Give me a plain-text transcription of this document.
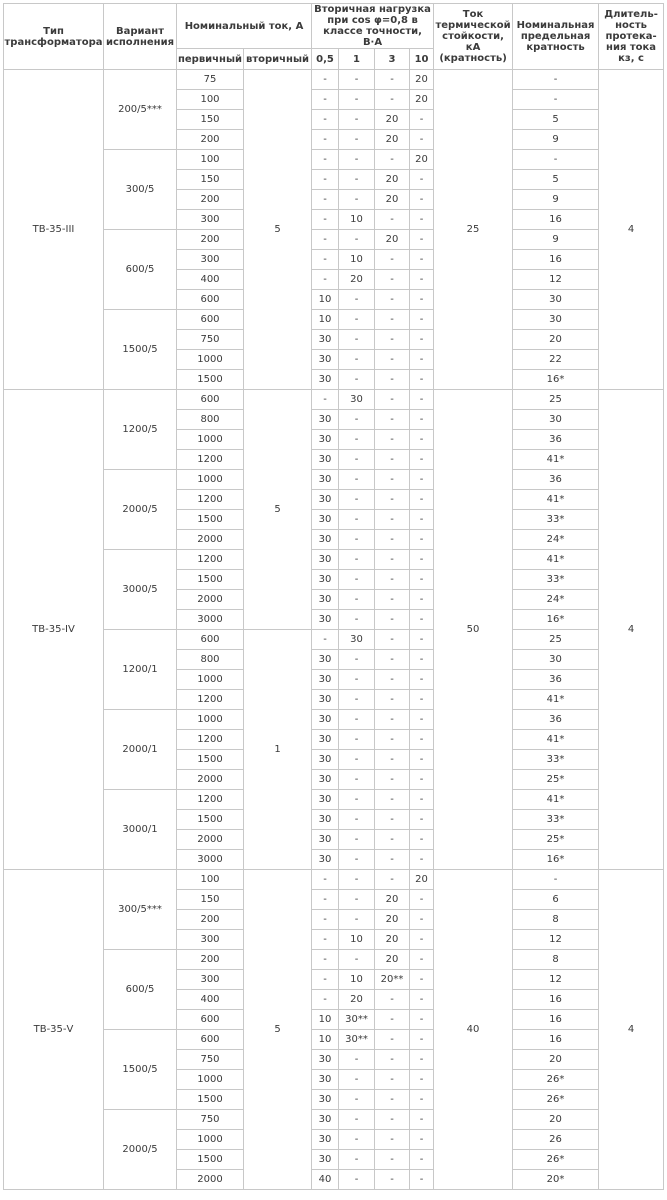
Тип трансформатора	Вариант исполнения	Номинальный ток, А		Вторичная нагрузка при cos φ=0,8 в классе точности, В·А				Ток термической стойкости, кА (кратность)	Номинальная предельная кратность	Длитель-ность протека-ния тока кз, с
		первичный	вторичный	0,5	1	3	10			
ТВ-35-III	200/5***	75	5	-	-	-	20	25	-	4
		100		-	-	-	20		-	
		150		-	-	20	-		5	
		200		-	-	20	-		9	
	300/5	100		-	-	-	20		-	
		150		-	-	20	-		5	
		200		-	-	20	-		9	
		300		-	10	-	-		16	
	600/5	200		-	-	20	-		9	
		300		-	10	-	-		16	
		400		-	20	-	-		12	
		600		10	-	-	-		30	
	1500/5	600		10	-	-	-		30	
		750		30	-	-	-		20	
		1000		30	-	-	-		22	
		1500		30	-	-	-		16*	
ТВ-35-IV	1200/5	600	5	-	30	-	-	50	25	4
		800		30	-	-	-		30	
		1000		30	-	-	-		36	
		1200		30	-	-	-		41*	
	2000/5	1000		30	-	-	-		36	
		1200		30	-	-	-		41*	
		1500		30	-	-	-		33*	
		2000		30	-	-	-		24*	
	3000/5	1200		30	-	-	-		41*	
		1500		30	-	-	-		33*	
		2000		30	-	-	-		24*	
		3000		30	-	-	-		16*	
	1200/1	600	1	-	30	-	-		25	
		800		30	-	-	-		30	
		1000		30	-	-	-		36	
		1200		30	-	-	-		41*	
	2000/1	1000		30	-	-	-		36	
		1200		30	-	-	-		41*	
		1500		30	-	-	-		33*	
		2000		30	-	-	-		25*	
	3000/1	1200		30	-	-	-		41*	
		1500		30	-	-	-		33*	
		2000		30	-	-	-		25*	
		3000		30	-	-	-		16*	
ТВ-35-V	300/5***	100	5	-	-	-	20	40	-	4
		150		-	-	20	-		6	
		200		-	-	20	-		8	
		300		-	10	20	-		12	
	600/5	200		-	-	20	-		8	
		300		-	10	20**	-		12	
		400		-	20	-	-		16	
		600		10	30**	-	-		16	
	1500/5	600		10	30**	-	-		16	
		750		30	-	-	-		20	
		1000		30	-	-	-		26*	
		1500		30	-	-	-		26*	
	2000/5	750		30	-	-	-		20	
		1000		30	-	-	-		26	
		1500		30	-	-	-		26*	
		2000		40	-	-	-		20*	
